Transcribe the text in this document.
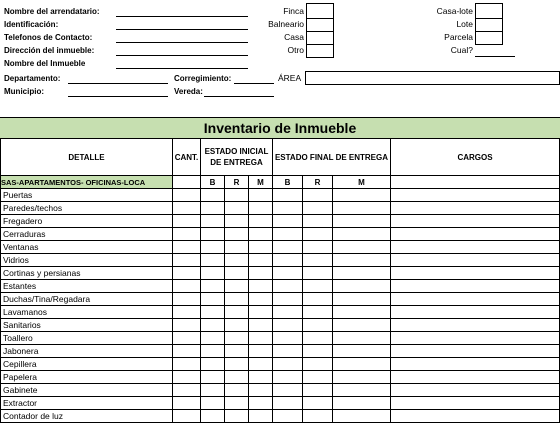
Nombre del arrendatario:
Identificación:
Telefonos de Contacto:
Dirección del inmueble:
Nombre del Inmueble
Departamento:
Municipio:
Corregimiento:
Vereda:
ÁREA
Finca
Balneario
Casa
Otro
Casa-lote
Lote
Parcela
Cual?
Inventario de Inmueble
DETALLE	CANT.	ESTADO INICIAL DE ENTREGA			ESTADO FINAL DE ENTREGA			CARGOS
SAS-APARTAMENTOS- OFICINAS-LOCA		B	R	M	B	R	M	
Puertas								
Paredes/techos								
Fregadero								
Cerraduras								
Ventanas								
Vidrios								
Cortinas y persianas								
Estantes								
Duchas/Tina/Regadara								
Lavamanos								
Sanitarios								
Toallero								
Jabonera								
Cepillera								
Papelera								
Gabinete								
Extractor								
Contador de luz								
